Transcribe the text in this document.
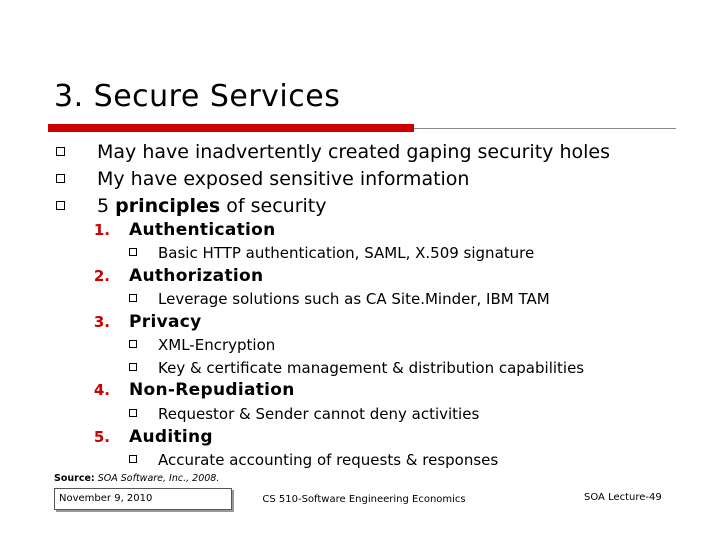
3. Secure Services
May have inadvertently created gaping security holes
My have exposed sensitive information
5 principles of security
1. Authentication
Basic HTTP authentication, SAML, X.509 signature
2. Authorization
Leverage solutions such as CA Site.Minder, IBM TAM
3. Privacy
XML-Encryption
Key & certificate management & distribution capabilities
4. Non-Repudiation
Requestor & Sender cannot deny activities
5. Auditing
Accurate accounting of requests & responses
Source: SOA Software, Inc., 2008.
November 9, 2010	CS 510-Software Engineering Economics	SOA Lecture-49
